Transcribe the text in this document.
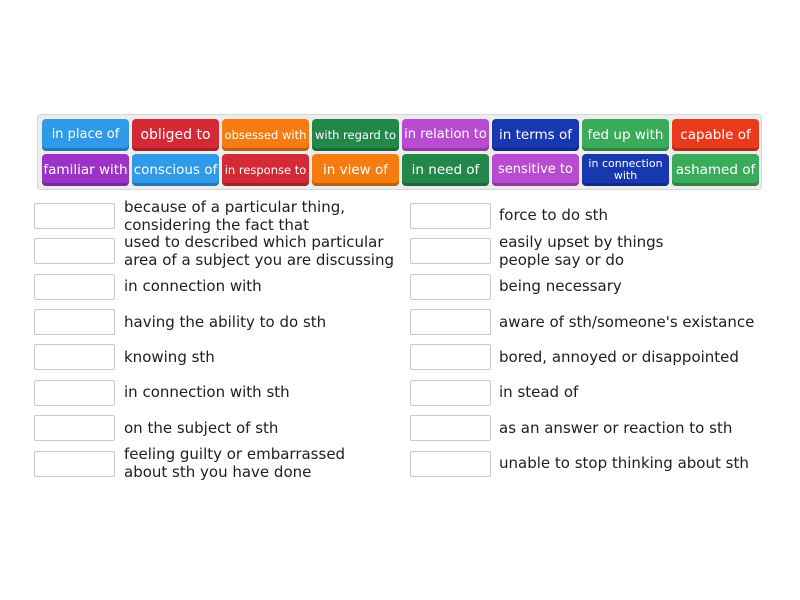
in place of	obliged to	obsessed with with regard to in relation to in terms of	fed up with	capable of
familiar with conscious of in response to	in view of	in need of	sensitive to	in connection with	ashamed of
because of a particular thing,
considering the fact that
used to described which particular
area of a subject you are discussing
in connection with
having the ability to do sth
knowing sth
in connection with sth
on the subject of sth
feeling guilty or embarrassed
about sth you have done
force to do sth
easily upset by things
people say or do
being necessary
aware of sth/someone's existance
bored, annoyed or disappointed
in stead of
as an answer or reaction to sth
unable to stop thinking about sth
